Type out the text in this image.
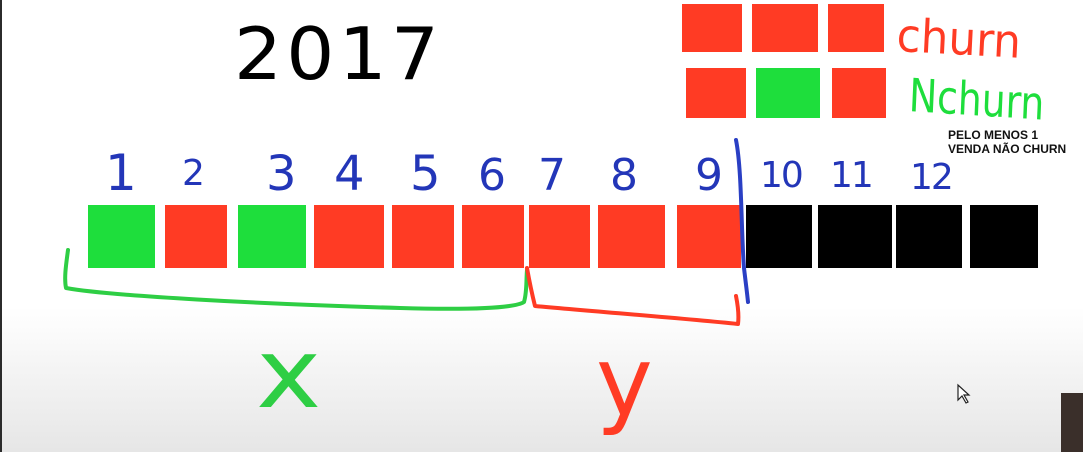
2017	churn
Nchurn
PELO MENOS 1 VENDA NÃO CHURN
1 2 3 4 5 6 7 8 9 10 11 12
x	y
